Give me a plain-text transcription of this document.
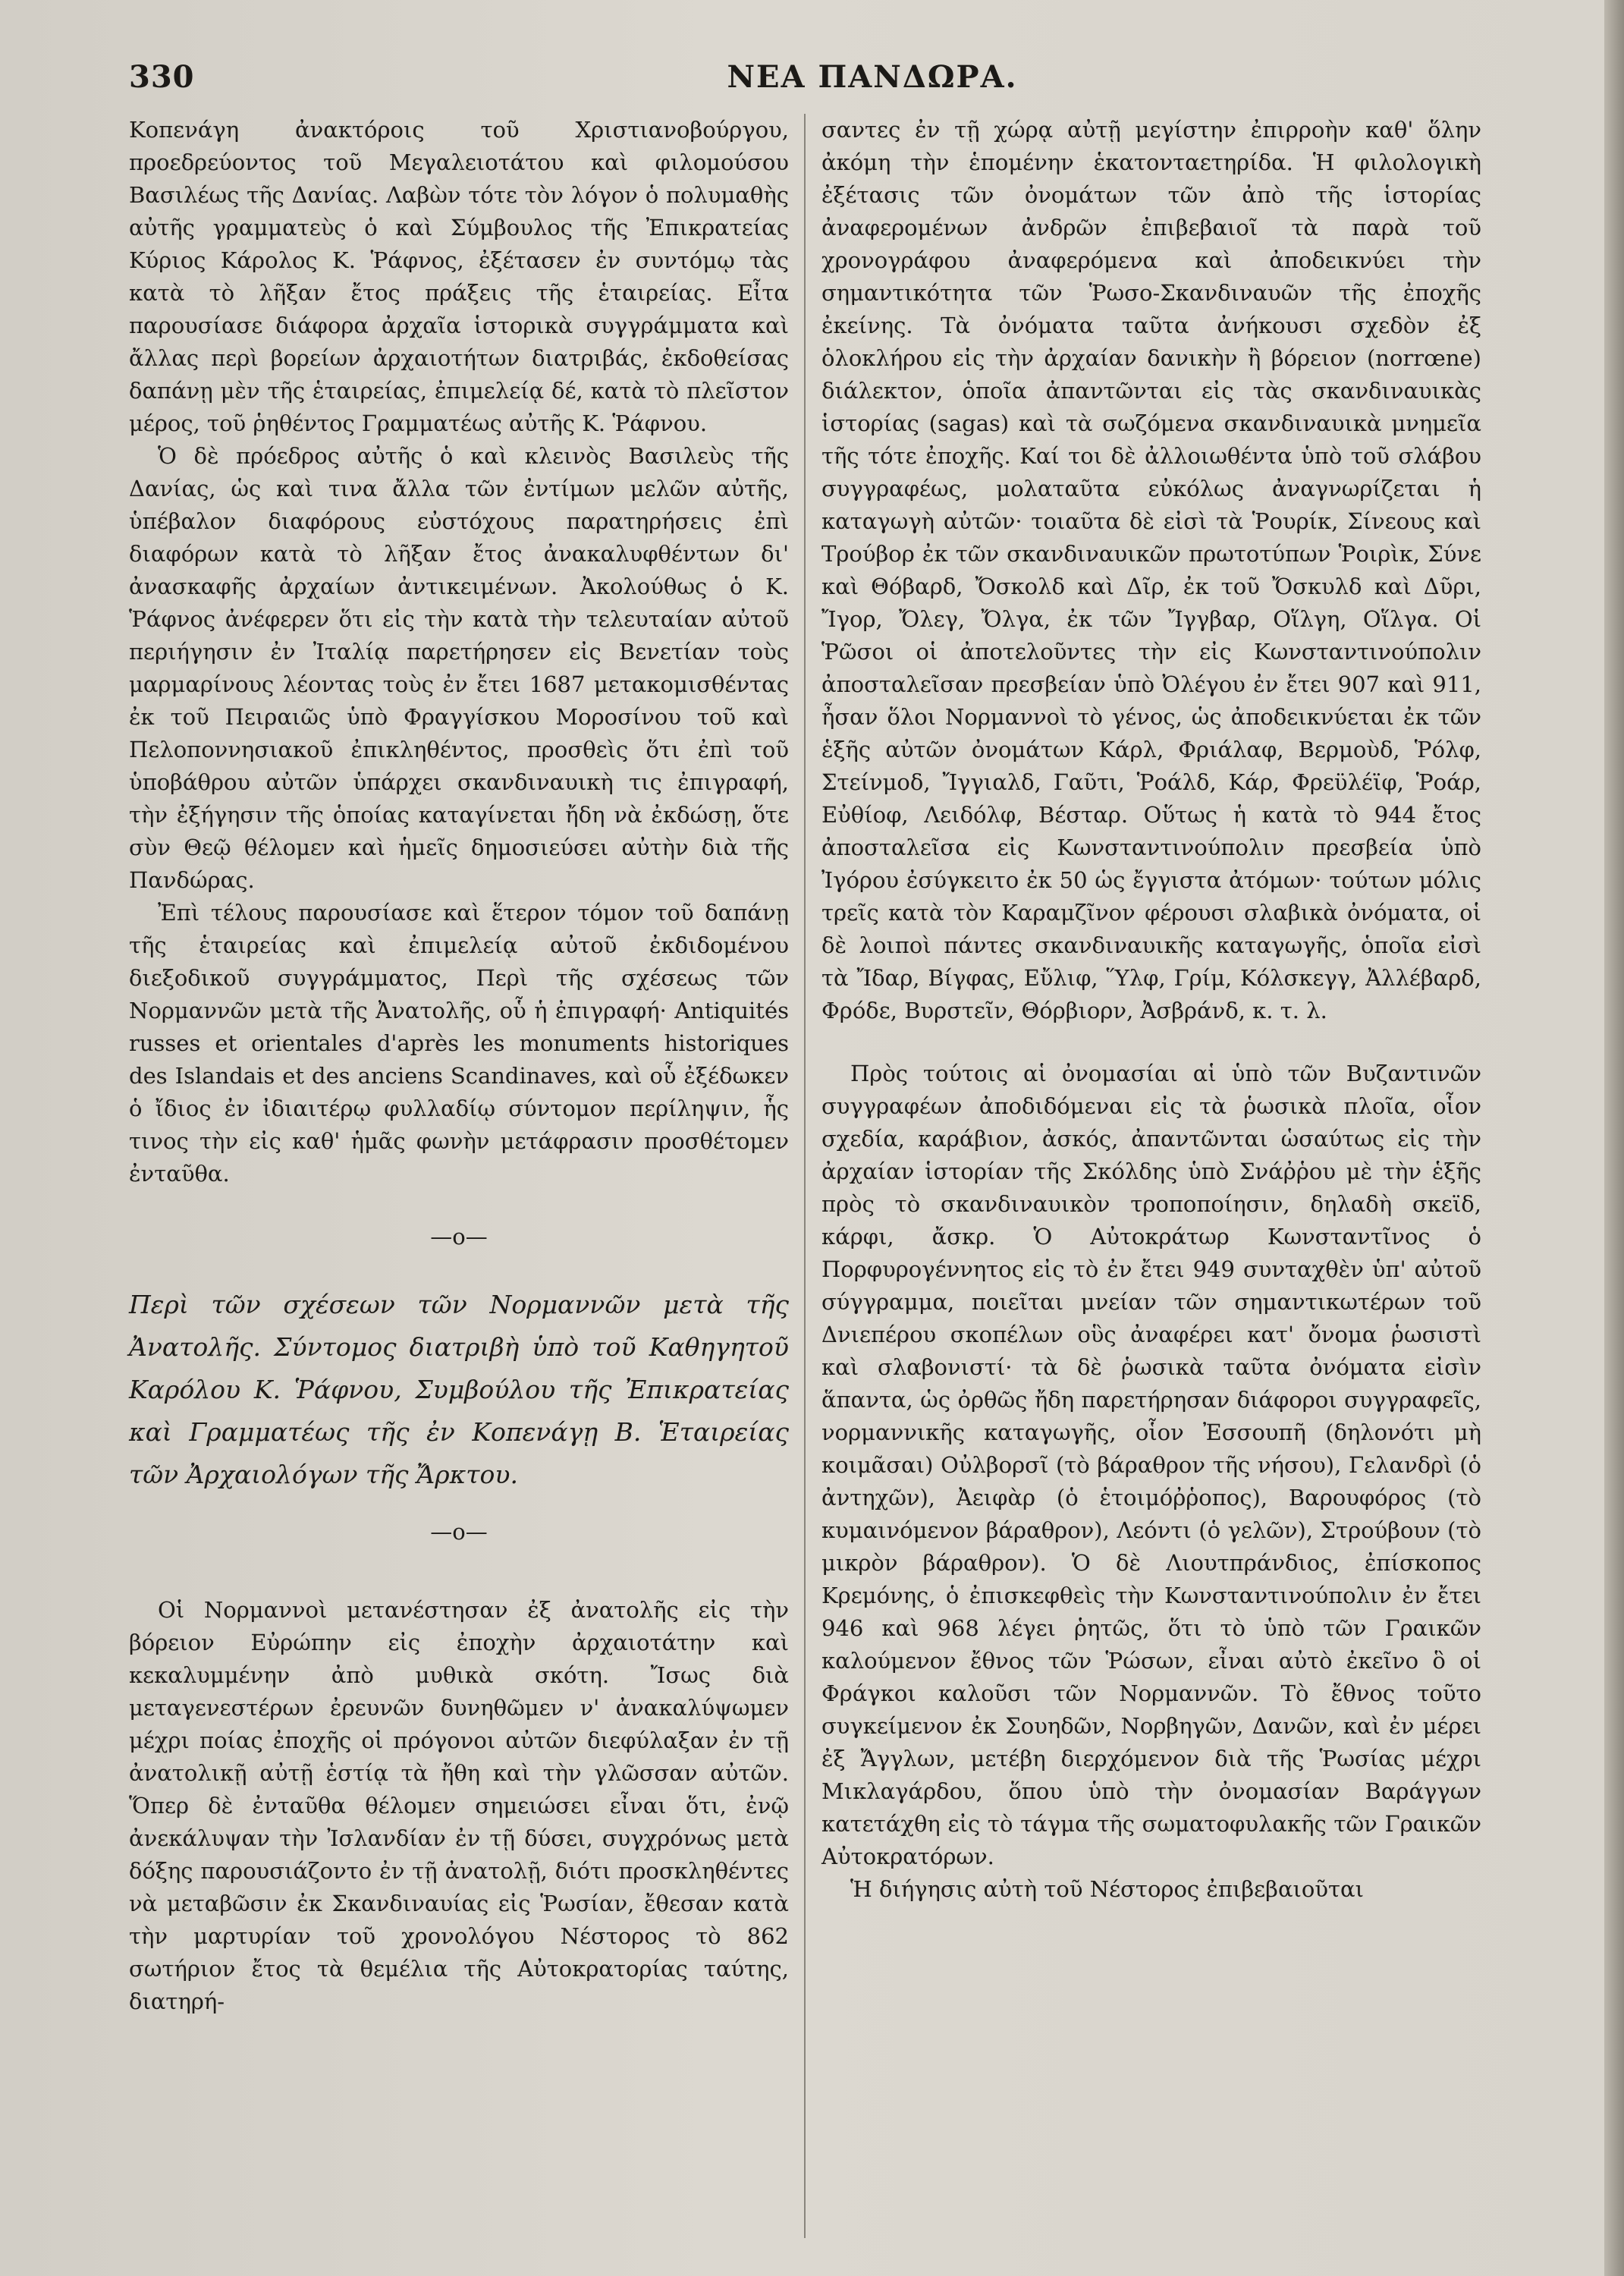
330	ΝΕΑ ΠΑΝΔΩΡΑ.

Κοπενάγη ἀνακτόροις τοῦ Χριστιανοβούργου, προεδρεύοντος τοῦ Μεγαλειοτάτου καὶ φιλομούσου Βασιλέως τῆς Δανίας. Λαβὼν τότε τὸν λόγον ὁ πολυμαθὴς αὐτῆς γραμματεὺς ὁ καὶ Σύμβουλος τῆς Ἐπικρατείας Κύριος Κάρολος Κ. Ῥάφνος, ἐξέτασεν ἐν συντόμῳ τὰς κατὰ τὸ λῆξαν ἔτος πράξεις τῆς ἑταιρείας. Εἶτα παρουσίασε διάφορα ἀρχαῖα ἱστορικὰ συγγράμματα καὶ ἄλλας περὶ βορείων ἀρχαιοτήτων διατριβάς, ἐκδοθείσας δαπάνῃ μὲν τῆς ἑταιρείας, ἐπιμελείᾳ δέ, κατὰ τὸ πλεῖστον μέρος, τοῦ ῥηθέντος Γραμματέως αὐτῆς Κ. Ῥάφνου.

Ὁ δὲ πρόεδρος αὐτῆς ὁ καὶ κλεινὸς Βασιλεὺς τῆς Δανίας, ὡς καὶ τινα ἄλλα τῶν ἐντίμων μελῶν αὐτῆς, ὑπέβαλον διαφόρους εὐστόχους παρατηρήσεις ἐπὶ διαφόρων κατὰ τὸ λῆξαν ἔτος ἀνακαλυφθέντων δι' ἀνασκαφῆς ἀρχαίων ἀντικειμένων. Ἀκολούθως ὁ Κ. Ῥάφνος ἀνέφερεν ὅτι εἰς τὴν κατὰ τὴν τελευταίαν αὐτοῦ περιήγησιν ἐν Ἰταλίᾳ παρετήρησεν εἰς Βενετίαν τοὺς μαρμαρίνους λέοντας τοὺς ἐν ἔτει 1687 μετακομισθέντας ἐκ τοῦ Πειραιῶς ὑπὸ Φραγγίσκου Μοροσίνου τοῦ καὶ Πελοποννησιακοῦ ἐπικληθέντος, προσθεὶς ὅτι ἐπὶ τοῦ ὑποβάθρου αὐτῶν ὑπάρχει σκανδιναυικὴ τις ἐπιγραφή, τὴν ἐξήγησιν τῆς ὁποίας καταγίνεται ἤδη νὰ ἐκδώσῃ, ὅτε σὺν Θεῷ θέλομεν καὶ ἡμεῖς δημοσιεύσει αὐτὴν διὰ τῆς Πανδώρας.

Ἐπὶ τέλους παρουσίασε καὶ ἕτερον τόμον τοῦ δαπάνῃ τῆς ἑταιρείας καὶ ἐπιμελείᾳ αὐτοῦ ἐκδιδομένου διεξοδικοῦ συγγράμματος, Περὶ τῆς σχέσεως τῶν Νορμαννῶν μετὰ τῆς Ἀνατολῆς, οὗ ἡ ἐπιγραφή· Antiquités russes et orientales d'après les monuments historiques des Islandais et des anciens Scandinaves, καὶ οὗ ἐξέδωκεν ὁ ἴδιος ἐν ἰδιαιτέρῳ φυλλαδίῳ σύντομον περίληψιν, ἧς τινος τὴν εἰς καθ' ἡμᾶς φωνὴν μετάφρασιν προσθέτομεν ἐνταῦθα.

—o—

Περὶ τῶν σχέσεων τῶν Νορμαννῶν μετὰ τῆς Ἀνατολῆς. Σύντομος διατριβὴ ὑπὸ τοῦ Καθηγητοῦ Καρόλου Κ. Ῥάφνου, Συμβούλου τῆς Ἐπικρατείας καὶ Γραμματέως τῆς ἐν Κοπενάγῃ Β. Ἑταιρείας τῶν Ἀρχαιολόγων τῆς Ἄρκτου.

—o—

Οἱ Νορμαννοὶ μετανέστησαν ἐξ ἀνατολῆς εἰς τὴν βόρειον Εὐρώπην εἰς ἐποχὴν ἀρχαιοτάτην καὶ κεκαλυμμένην ἀπὸ μυθικὰ σκότη. Ἴσως διὰ μεταγενεστέρων ἐρευνῶν δυνηθῶμεν ν' ἀνακαλύψωμεν μέχρι ποίας ἐποχῆς οἱ πρόγονοι αὐτῶν διεφύλαξαν ἐν τῇ ἀνατολικῇ αὐτῇ ἑστίᾳ τὰ ἤθη καὶ τὴν γλῶσσαν αὐτῶν. Ὅπερ δὲ ἐνταῦθα θέλομεν σημειώσει εἶναι ὅτι, ἐνῷ ἀνεκάλυψαν τὴν Ἰσλανδίαν ἐν τῇ δύσει, συγχρόνως μετὰ δόξης παρουσιάζοντο ἐν τῇ ἀνατολῇ, διότι προσκληθέντες νὰ μεταβῶσιν ἐκ Σκανδιναυίας εἰς Ῥωσίαν, ἔθεσαν κατὰ τὴν μαρτυρίαν τοῦ χρονολόγου Νέστορος τὸ 862 σωτήριον ἔτος τὰ θεμέλια τῆς Αὐτοκρατορίας ταύτης, διατηρή-

σαντες ἐν τῇ χώρᾳ αὐτῇ μεγίστην ἐπιρροὴν καθ' ὅλην ἀκόμη τὴν ἑπομένην ἑκατονταετηρίδα. Ἡ φιλολογικὴ ἐξέτασις τῶν ὀνομάτων τῶν ἀπὸ τῆς ἱστορίας ἀναφερομένων ἀνδρῶν ἐπιβεβαιοῖ τὰ παρὰ τοῦ χρονογράφου ἀναφερόμενα καὶ ἀποδεικνύει τὴν σημαντικότητα τῶν Ῥωσο-Σκανδιναυῶν τῆς ἐποχῆς ἐκείνης. Τὰ ὀνόματα ταῦτα ἀνήκουσι σχεδὸν ἐξ ὁλοκλήρου εἰς τὴν ἀρχαίαν δανικὴν ἢ βόρειον (norrœne) διάλεκτον, ὁποῖα ἀπαντῶνται εἰς τὰς σκανδιναυικὰς ἱστορίας (sagas) καὶ τὰ σωζόμενα σκανδιναυικὰ μνημεῖα τῆς τότε ἐποχῆς. Καί τοι δὲ ἀλλοιωθέντα ὑπὸ τοῦ σλάβου συγγραφέως, μολαταῦτα εὐκόλως ἀναγνωρίζεται ἡ καταγωγὴ αὐτῶν· τοιαῦτα δὲ εἰσὶ τὰ Ῥουρίκ, Σίνεους καὶ Τρούβορ ἐκ τῶν σκανδιναυικῶν πρωτοτύπων Ῥοιρὶκ, Σύνε καὶ Θόβαρδ, Ὄσκολδ καὶ Δῖρ, ἐκ τοῦ Ὄσκυλδ καὶ Δῦρι, Ἴγορ, Ὄλεγ, Ὄλγα, ἐκ τῶν Ἴγγβαρ, Οἵλγη, Οἵλγα. Οἱ Ῥῶσοι οἱ ἀποτελοῦντες τὴν εἰς Κωνσταντινούπολιν ἀποσταλεῖσαν πρεσβείαν ὑπὸ Ὀλέγου ἐν ἔτει 907 καὶ 911, ἦσαν ὅλοι Νορμαννοὶ τὸ γένος, ὡς ἀποδεικνύεται ἐκ τῶν ἑξῆς αὐτῶν ὀνομάτων Κάρλ, Φριάλαφ, Βερμοὺδ, Ῥόλφ, Στείνμοδ, Ἴγγιαλδ, Γαῦτι, Ῥοάλδ, Κάρ, Φρεϋλέϊφ, Ῥοάρ, Εὐθίοφ, Λειδόλφ, Βέσταρ. Οὕτως ἡ κατὰ τὸ 944 ἔτος ἀποσταλεῖσα εἰς Κωνσταντινούπολιν πρεσβεία ὑπὸ Ἰγόρου ἐσύγκειτο ἐκ 50 ὡς ἔγγιστα ἀτόμων· τούτων μόλις τρεῖς κατὰ τὸν Καραμζῖνον φέρουσι σλαβικὰ ὀνόματα, οἱ δὲ λοιποὶ πάντες σκανδιναυικῆς καταγωγῆς, ὁποῖα εἰσὶ τὰ Ἴδαρ, Βίγφας, Εὔλιφ, Ὕλφ, Γρίμ, Κόλσκεγγ, Ἀλλέβαρδ, Φρόδε, Βυρστεῖν, Θόρβιορν, Ἀσβράνδ, κ. τ. λ.

Πρὸς τούτοις αἱ ὀνομασίαι αἱ ὑπὸ τῶν Βυζαντινῶν συγγραφέων ἀποδιδόμεναι εἰς τὰ ῥωσικὰ πλοῖα, οἷον σχεδία, καράβιον, ἀσκός, ἀπαντῶνται ὡσαύτως εἰς τὴν ἀρχαίαν ἱστορίαν τῆς Σκόλδης ὑπὸ Σνάῤῥου μὲ τὴν ἑξῆς πρὸς τὸ σκανδιναυικὸν τροποποίησιν, δηλαδὴ σκεϊδ, κάρφι, ἄσκρ. Ὁ Αὐτοκράτωρ Κωνσταντῖνος ὁ Πορφυρογέννητος εἰς τὸ ἐν ἔτει 949 συνταχθὲν ὑπ' αὐτοῦ σύγγραμμα, ποιεῖται μνείαν τῶν σημαντικωτέρων τοῦ Δνιεπέρου σκοπέλων οὓς ἀναφέρει κατ' ὄνομα ῥωσιστὶ καὶ σλαβονιστί· τὰ δὲ ῥωσικὰ ταῦτα ὀνόματα εἰσὶν ἅπαντα, ὡς ὀρθῶς ἤδη παρετήρησαν διάφοροι συγγραφεῖς, νορμαννικῆς καταγωγῆς, οἷον Ἐσσουπῆ (δηλονότι μὴ κοιμᾶσαι) Οὐλβορσῖ (τὸ βάραθρον τῆς νήσου), Γελανδρὶ (ὁ ἀντηχῶν), Ἀειφὰρ (ὁ ἑτοιμόῤῥοπος), Βαρουφόρος (τὸ κυμαινόμενον βάραθρον), Λεόντι (ὁ γελῶν), Στρούβουν (τὸ μικρὸν βάραθρον). Ὁ δὲ Λιουτπράνδιος, ἐπίσκοπος Κρεμόνης, ὁ ἐπισκεφθεὶς τὴν Κωνσταντινούπολιν ἐν ἔτει 946 καὶ 968 λέγει ῥητῶς, ὅτι τὸ ὑπὸ τῶν Γραικῶν καλούμενον ἔθνος τῶν Ῥώσων, εἶναι αὐτὸ ἐκεῖνο ὃ οἱ Φράγκοι καλοῦσι τῶν Νορμαννῶν. Τὸ ἔθνος τοῦτο συγκείμενον ἐκ Σουηδῶν, Νορβηγῶν, Δανῶν, καὶ ἐν μέρει ἐξ Ἄγγλων, μετέβη διερχόμενον διὰ τῆς Ῥωσίας μέχρι Μικλαγάρδου, ὅπου ὑπὸ τὴν ὀνομασίαν Βαράγγων κατετάχθη εἰς τὸ τάγμα τῆς σωματοφυλακῆς τῶν Γραικῶν Αὐτοκρατόρων.

Ἡ διήγησις αὐτὴ τοῦ Νέστορος ἐπιβεβαιοῦται
